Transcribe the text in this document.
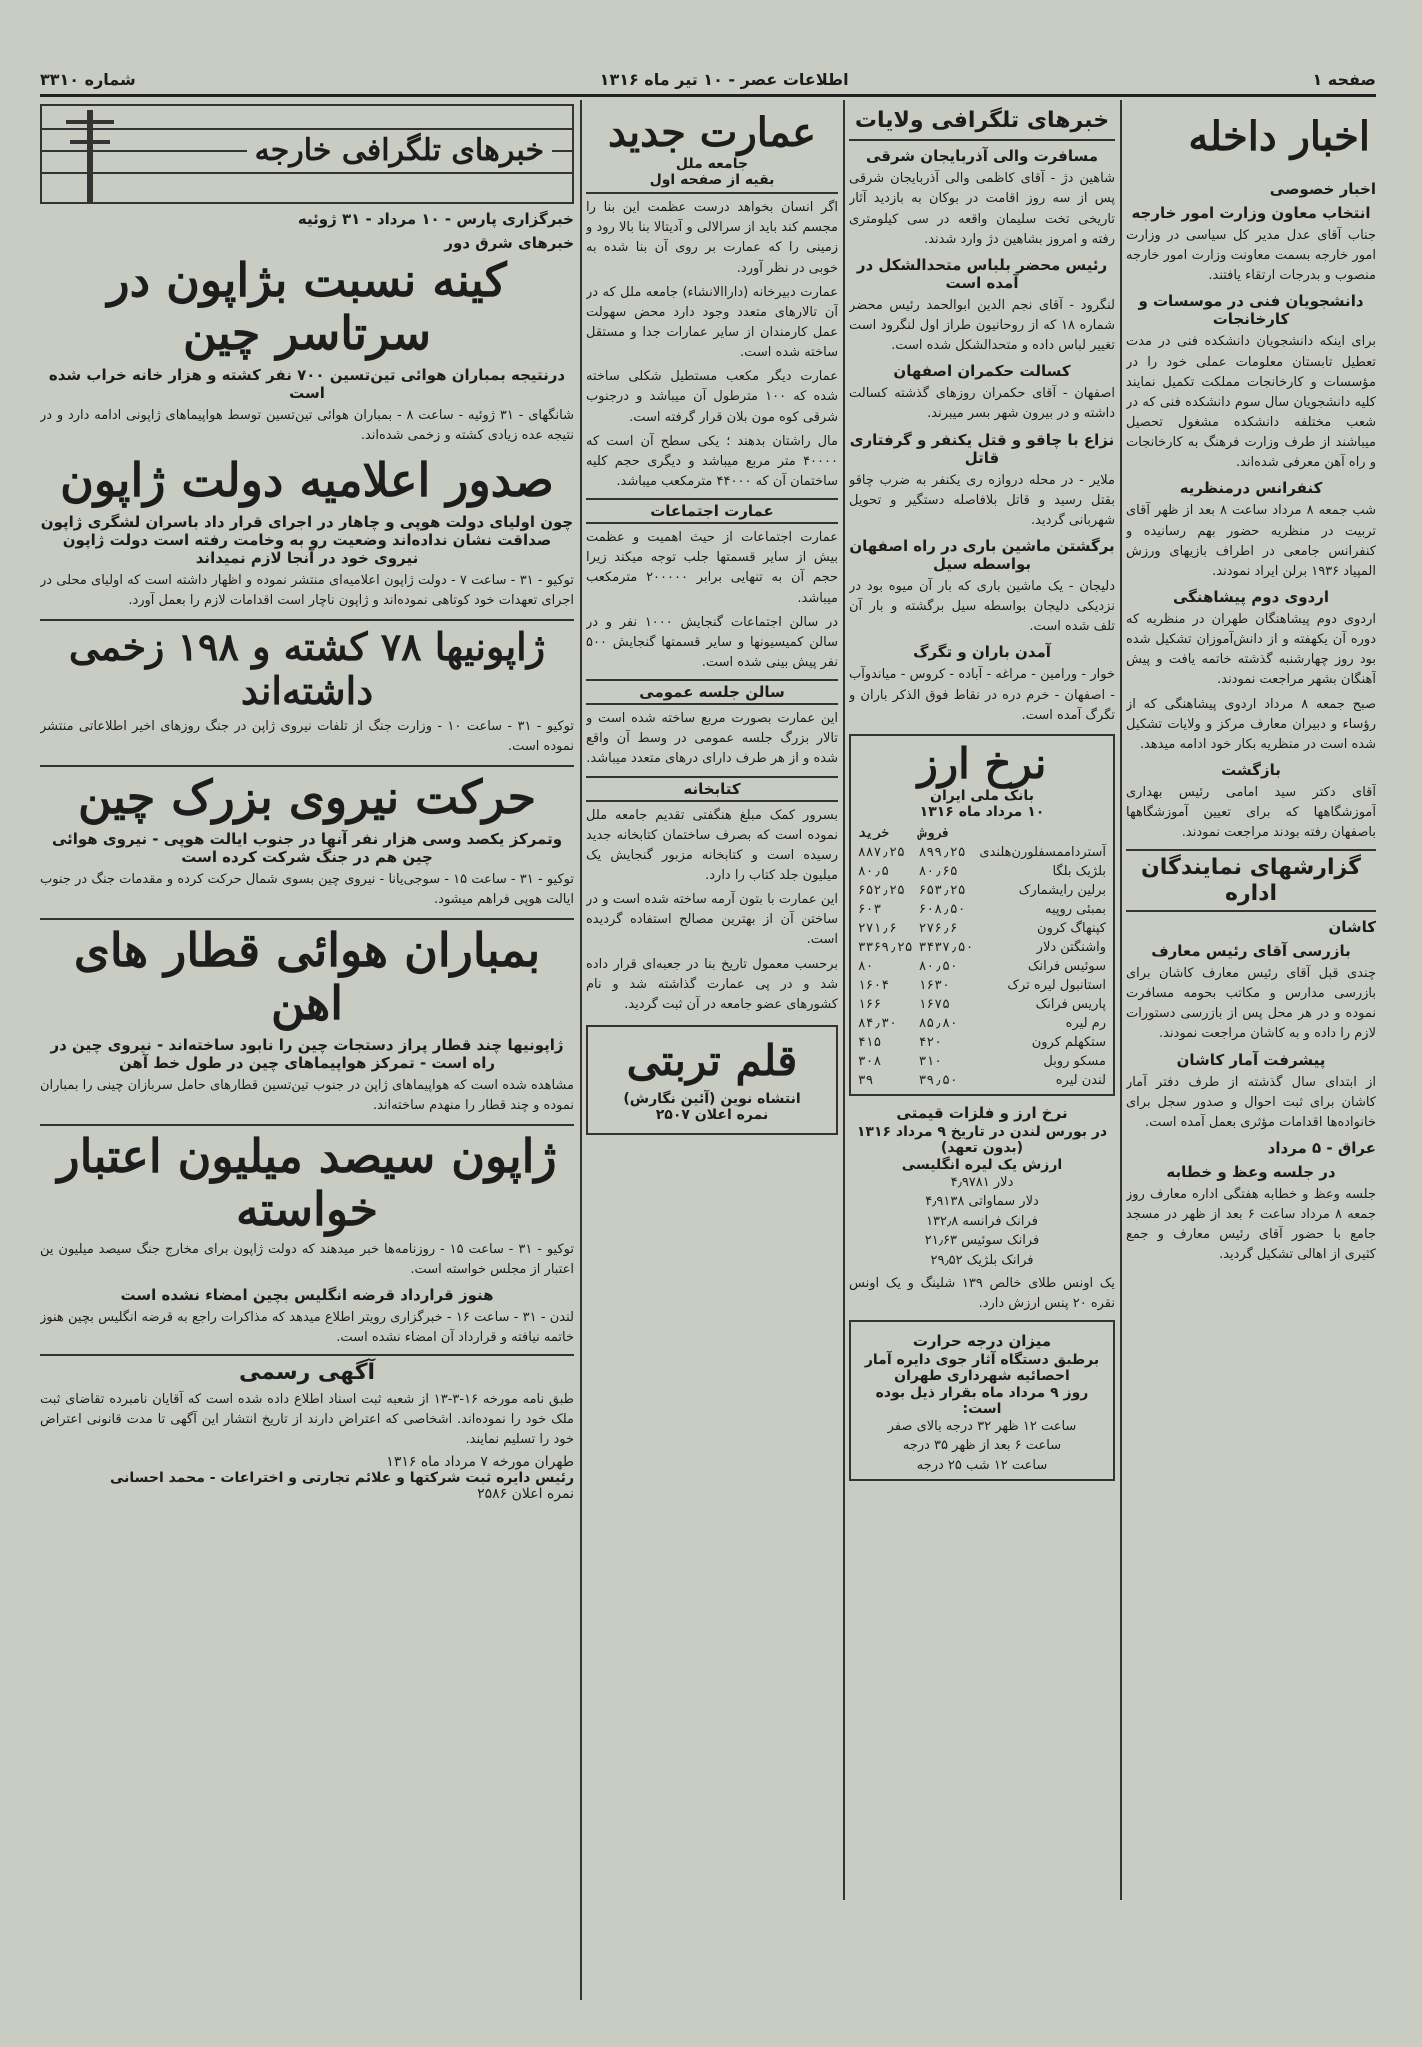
صفحه ۱
اطلاعات عصر - ۱۰ تیر ماه ۱۳۱۶
شماره ۳۳۱۰
اخبار داخله
اخبار خصوصی
انتخاب معاون وزارت امور خارجه

جناب آقای عدل مدیر کل سیاسی در وزارت امور خارجه بسمت معاونت وزارت امور خارجه منصوب و بدرجات ارتقاء یافتند.

دانشجویان فنی در موسسات و کارخانجات

برای اینکه دانشجویان دانشکده فنی در مدت تعطیل تابستان معلومات عملی خود را در مؤسسات و کارخانجات مملکت تکمیل نمایند کلیه دانشجویان سال سوم دانشکده فنی که در شعب مختلفه دانشکده مشغول تحصیل میباشند از طرف وزارت فرهنگ به کارخانجات و راه آهن معرفی شده‌اند.

کنفرانس درمنظریه

شب جمعه ۸ مرداد ساعت ۸ بعد از ظهر آقای تربیت در منظریه حضور بهم رسانیده و کنفرانس جامعی در اطراف بازیهای ورزش المپیاد ۱۹۳۶ برلن ایراد نمودند.

اردوی دوم پیشاهنگی

اردوی دوم پیشاهنگان طهران در منظریه که دوره آن یکهفته و از دانش‌آموزان تشکیل شده بود روز چهارشنبه گذشته خاتمه یافت و پیش آهنگان بشهر مراجعت نمودند.

صبح جمعه ۸ مرداد اردوی پیشاهنگی که از رؤساء و دبیران معارف مرکز و ولایات تشکیل شده است در منظریه بکار خود ادامه میدهد.

بازگشت

آقای دکتر سید امامی رئیس بهداری آموزشگاهها که برای تعیین آموزشگاهها باصفهان رفته بودند مراجعت نمودند.

گزارشهای نمایندگان اداره
کاشان
بازرسی آقای رئیس معارف

چندی قبل آقای رئیس معارف کاشان برای بازرسی مدارس و مکاتب بحومه مسافرت نموده و در هر محل پس از بازرسی دستورات لازم را داده و به کاشان مراجعت نمودند.

پیشرفت آمار کاشان

از ابتدای سال گذشته از طرف دفتر آمار کاشان برای ثبت احوال و صدور سجل برای خانواده‌ها اقدامات مؤثری بعمل آمده است.

عراق - ۵ مرداد
در جلسه وعظ و خطابه

جلسه وعظ و خطابه هفتگی اداره معارف روز جمعه ۸ مرداد ساعت ۶ بعد از ظهر در مسجد جامع با حضور آقای رئیس معارف و جمع کثیری از اهالی تشکیل گردید.

خبرهای تلگرافی ولایات
مسافرت والی آذربایجان شرقی

شاهین دژ - آقای کاظمی والی آذربایجان شرقی پس از سه روز اقامت در بوکان به بازدید آثار تاریخی تخت سلیمان واقعه در سی کیلومتری رفته و امروز بشاهین دژ وارد شدند.

رئیس محضر بلباس متحدالشکل در آمده است

لنگرود - آقای نجم الدین ابوالحمد رئیس محضر شماره ۱۸ که از روحانیون طراز اول لنگرود است تغییر لباس داده و متحدالشکل شده است.

کسالت حکمران اصفهان

اصفهان - آقای حکمران روزهای گذشته کسالت داشته و در بیرون شهر بسر میبرند.

نزاع با چاقو و قتل یکنفر و گرفتاری قاتل

ملایر - در محله دروازه ری یکنفر به ضرب چاقو بقتل رسید و قاتل بلافاصله دستگیر و تحویل شهربانی گردید.

برگشتن ماشین باری در راه اصفهان بواسطه سیل

دلیجان - یک ماشین باری که بار آن میوه بود در نزدیکی دلیجان بواسطه سیل برگشته و بار آن تلف شده است.

آمدن باران و تگرگ

خوار - ورامین - مراغه - آباده - کروس - میاندوآب - اصفهان - خرم دره در نقاط فوق الذکر باران و تگرگ آمده است.

نرخ ارز
بانک ملی ایران
۱۰ مرداد ماه ۱۳۱۶
	فروش	خرید
آسترداممسفلورن‌هلندی	۸۹۹٫۲۵	۸۸۷٫۲۵
بلژیک بلگا	۸۰٫۶۵	۸۰٫۵
برلین رایشمارک	۶۵۳٫۲۵	۶۵۲٫۲۵
بمبئی روپیه	۶۰۸٫۵۰	۶۰۳
کپنهاگ کرون	۲۷۶٫۶	۲۷۱٫۶
واشنگتن دلار	۳۴۳۷٫۵۰	۳۳۶۹٫۲۵
سوئیس فرانک	۸۰٫۵۰	۸۰
استانبول لیره ترک	۱۶۳۰	۱۶۰۴
پاریس فرانک	۱۶۷۵	۱۶۶
رم لیره	۸۵٫۸۰	۸۴٫۳۰
ستکهلم کرون	۴۲۰	۴۱۵
مسکو روبل	۳۱۰	۳۰۸
لندن لیره	۳۹٫۵۰	۳۹
نرخ ارز و فلزات قیمتی
در بورس لندن در تاریخ ۹ مرداد ۱۳۱۶
(بدون تعهد)
ارزش یک لیره انگلیسی
دلار ۴٫۹۷۸۱
دلار سماواتی ۴٫۹۱۳۸
فرانک فرانسه ۱۳۲٫۸
فرانک سوئیس ۲۱٫۶۳
فرانک بلژیک ۲۹٫۵۲

یک اونس طلای خالص ۱۳۹ شلینگ و یک اونس نقره ۲۰ پنس ارزش دارد.

میزان درجه حرارت
برطبق دستگاه آثار جوی دایره آمار احصائیه شهرداری طهران
روز ۹ مرداد ماه بقرار ذیل بوده است:
ساعت ۱۲ ظهر ۳۲ درجه بالای صفر
ساعت ۶ بعد از ظهر ۳۵ درجه
ساعت ۱۲ شب ۲۵ درجه
عمارت جدید
جامعه ملل
بقیه از صفحه اول

اگر انسان بخواهد درست عظمت این بنا را مجسم کند باید از سرالالی و آدیتالا بنا بالا رود و زمینی را که عمارت بر روی آن بنا شده به خوبی در نظر آورد.

عمارت دبیرخانه (داراالانشاء) جامعه ملل که در آن تالارهای متعدد وجود دارد محض سهولت عمل کارمندان از سایر عمارات جدا و مستقل ساخته شده است.

عمارت دیگر مکعب مستطیل شکلی ساخته شده که ۱۰۰ مترطول آن میباشد و درجنوب شرقی کوه مون بلان قرار گرفته است.

مال راشتان بدهند ؛ یکی سطح آن است که ۴۰۰۰۰ متر مربع میباشد و دیگری حجم کلیه ساختمان آن که ۴۴۰۰۰ مترمکعب میباشد.

عمارت اجتماعات

عمارت اجتماعات از حیث اهمیت و عظمت بیش از سایر قسمتها جلب توجه میکند زیرا حجم آن به تنهایی برابر ۲۰۰۰۰۰ مترمکعب میباشد.

در سالن اجتماعات گنجایش ۱۰۰۰ نفر و در سالن کمیسیونها و سایر قسمتها گنجایش ۵۰۰ نفر پیش بینی شده است.

سالن جلسه عمومی

این عمارت بصورت مربع ساخته شده است و تالار بزرگ جلسه عمومی در وسط آن واقع شده و از هر طرف دارای درهای متعدد میباشد.

کتابخانه

بسرور کمک مبلغ هنگفتی تقدیم جامعه ملل نموده است که بصرف ساختمان کتابخانه جدید رسیده است و کتابخانه مزبور گنجایش یک میلیون جلد کتاب را دارد.

این عمارت با بتون آرمه ساخته شده است و در ساختن آن از بهترین مصالح استفاده گردیده است.

برحسب معمول تاریخ بنا در جعبه‌ای قرار داده شد و در پی عمارت گذاشته شد و نام کشورهای عضو جامعه در آن ثبت گردید.

قلم تربتی
انتشاه نوین (آئین نگارش)
نمره اعلان ۲۵۰۷
خبرهای تلگرافی خارجه
خبرگزاری پارس - ۱۰ مرداد - ۳۱ ژوئیه
خبرهای شرق دور
کینه نسبت بژاپون در سرتاسر چین
درنتیجه بمباران هوائی تین‌تسین ۷۰۰ نفر کشته و هزار خانه خراب شده است

شانگهای - ۳۱ ژوئیه - ساعت ۸ - بمباران هوائی تین‌تسین توسط هواپیماهای ژاپونی ادامه دارد و در نتیجه عده زیادی کشته و زخمی شده‌اند.

صدور اعلامیه دولت ژاپون
چون اولیای دولت هوپی و چاهار در اجرای قرار داد باسران لشگری ژاپون صداقت نشان نداده‌اند وضعیت رو به وخامت رفته است دولت ژاپون نیروی خود در آنجا لازم نمیداند

توکیو - ۳۱ - ساعت ۷ - دولت ژاپون اعلامیه‌ای منتشر نموده و اظهار داشته است که اولیای محلی در اجرای تعهدات خود کوتاهی نموده‌اند و ژاپون ناچار است اقدامات لازم را بعمل آورد.

ژاپونیها ۷۸ کشته و ۱۹۸ زخمی داشته‌اند

توکیو - ۳۱ - ساعت ۱۰ - وزارت جنگ از تلفات نیروی ژاپن در جنگ روزهای اخیر اطلاعاتی منتشر نموده است.

حرکت نیروی بزرک چین
وتمرکز یکصد وسی هزار نفر آنها در جنوب ایالت هوپی - نیروی هوائی چین هم در جنگ شرکت کرده است

توکیو - ۳۱ - ساعت ۱۵ - سوجی‌یانا - نیروی چین بسوی شمال حرکت کرده و مقدمات جنگ در جنوب ایالت هوپی فراهم میشود.

بمباران هوائی قطار های اهن
ژاپونیها چند قطار پراز دستجات چین را نابود ساخته‌اند - نیروی چین در راه است - تمرکز هواپیماهای چین در طول خط آهن

مشاهده شده است که هواپیماهای ژاپن در جنوب تین‌تسین قطارهای حامل سربازان چینی را بمباران نموده و چند قطار را منهدم ساخته‌اند.

ژاپون سیصد میلیون اعتبار خواسته

توکیو - ۳۱ - ساعت ۱۵ - روزنامه‌ها خبر میدهند که دولت ژاپون برای مخارج جنگ سیصد میلیون ین اعتبار از مجلس خواسته است.

هنوز قرارداد قرضه انگلیس بچین امضاء نشده است

لندن - ۳۱ - ساعت ۱۶ - خبرگزاری رویتر اطلاع میدهد که مذاکرات راجع به قرضه انگلیس بچین هنوز خاتمه نیافته و قرارداد آن امضاء نشده است.

آگهی رسمی

طبق نامه مورخه ۱۶-۳-۱۳ از شعبه ثبت اسناد اطلاع داده شده است که آقایان نامبرده تقاضای ثبت ملک خود را نموده‌اند. اشخاصی که اعتراض دارند از تاریخ انتشار این آگهی تا مدت قانونی اعتراض خود را تسلیم نمایند.

طهران مورخه ۷ مرداد ماه ۱۳۱۶
رئیس دایره ثبت شرکتها و علائم تجارتی و اختراعات - محمد احسانی
نمره اعلان ۲۵۸۶
